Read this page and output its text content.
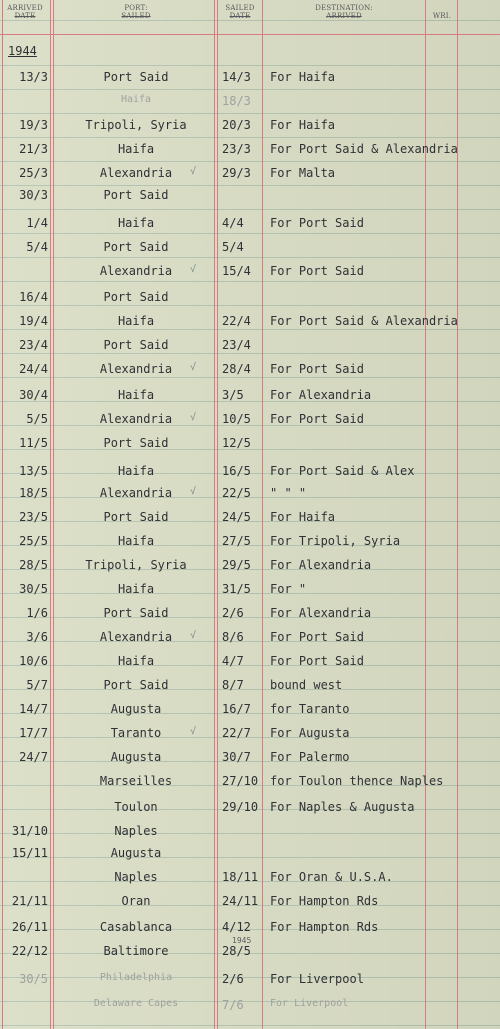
ARRIVED
DATE
PORT:
SAILED
SAILED
DATE
DESTINATION:
ARRIVED	WRI.
1944
13/3	Port Said	14/3	For Haifa
Haifa	18/3
19/3	Tripoli, Syria	20/3	For Haifa
21/3	Haifa	23/3	For Port Said & Alexandria
25/3	Alexandria	√ 29/3	For Malta
30/3	Port Said
1/4	Haifa	4/4	For Port Said
5/4	Port Said	5/4
Alexandria	√ 15/4	For Port Said
16/4	Port Said
19/4	Haifa	22/4	For Port Said & Alexandria
23/4	Port Said	23/4
24/4	Alexandria	√ 28/4	For Port Said
30/4	Haifa	3/5	For Alexandria
5/5	Alexandria	√ 10/5	For Port Said
11/5	Port Said	12/5
13/5	Haifa	16/5	For Port Said & Alex
18/5	Alexandria	√ 22/5	" " "
23/5	Port Said	24/5	For Haifa
25/5	Haifa	27/5	For Tripoli, Syria
28/5	Tripoli, Syria	29/5	For Alexandria
30/5	Haifa	31/5	For "
1/6	Port Said	2/6	For Alexandria
3/6	Alexandria	√ 8/6	For Port Said
10/6	Haifa	4/7	For Port Said
5/7	Port Said	8/7	bound west
14/7	Augusta	16/7	for Taranto
17/7	Taranto	√ 22/7	For Augusta
24/7	Augusta	30/7	For Palermo
Marseilles	27/10 for Toulon thence Naples
Toulon	29/10 For Naples & Augusta
31/10	Naples
15/11	Augusta
Naples	18/11 For Oran & U.S.A.
21/11	Oran	24/11 For Hampton Rds
26/11	Casablanca	4/12	For Hampton Rds
22/12	Baltimore	28/5
30/5	Philadelphia	2/6	For Liverpool
Delaware Capes	7/6	For Liverpool
1945
